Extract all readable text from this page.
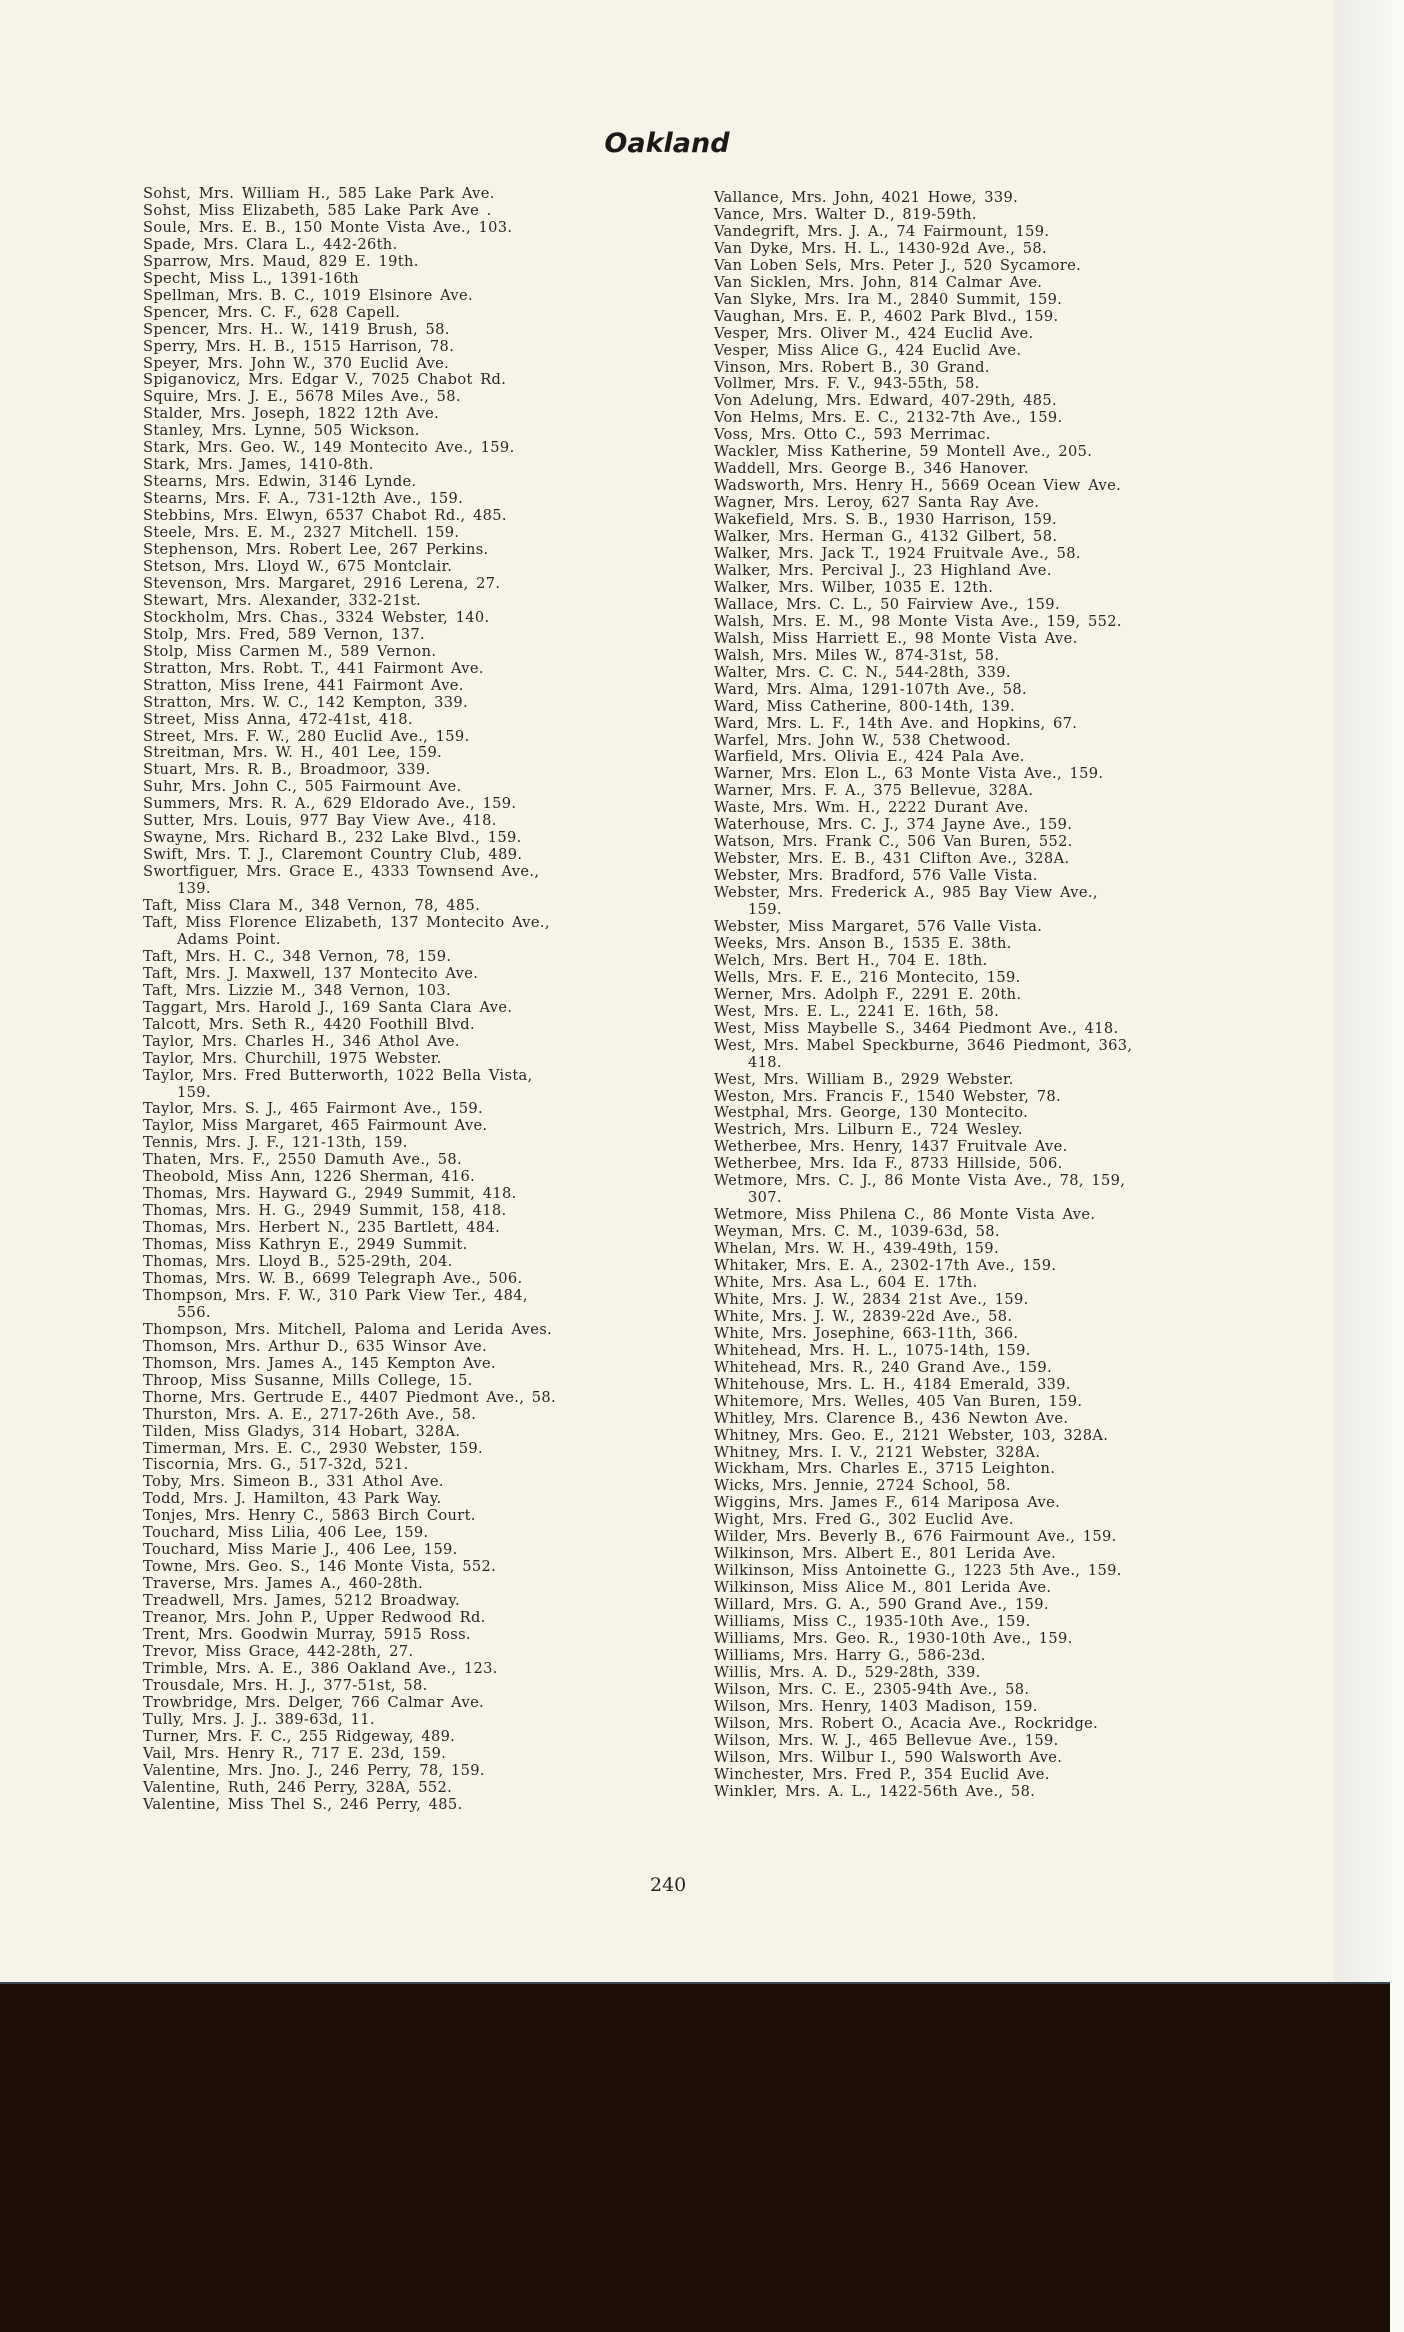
Oakland
Sohst, Mrs. William H., 585 Lake Park Ave.
Sohst, Miss Elizabeth, 585 Lake Park Ave .
Soule, Mrs. E. B., 150 Monte Vista Ave., 103.
Spade, Mrs. Clara L., 442-26th.
Sparrow, Mrs. Maud, 829 E. 19th.
Specht, Miss L., 1391-16th
Spellman, Mrs. B. C., 1019 Elsinore Ave.
Spencer, Mrs. C. F., 628 Capell.
Spencer, Mrs. H.. W., 1419 Brush, 58.
Sperry, Mrs. H. B., 1515 Harrison, 78.
Speyer, Mrs. John W., 370 Euclid Ave.
Spiganovicz, Mrs. Edgar V., 7025 Chabot Rd.
Squire, Mrs. J. E., 5678 Miles Ave., 58.
Stalder, Mrs. Joseph, 1822 12th Ave.
Stanley, Mrs. Lynne, 505 Wickson.
Stark, Mrs. Geo. W., 149 Montecito Ave., 159.
Stark, Mrs. James, 1410-8th.
Stearns, Mrs. Edwin, 3146 Lynde.
Stearns, Mrs. F. A., 731-12th Ave., 159.
Stebbins, Mrs. Elwyn, 6537 Chabot Rd., 485.
Steele, Mrs. E. M., 2327 Mitchell. 159.
Stephenson, Mrs. Robert Lee, 267 Perkins.
Stetson, Mrs. Lloyd W., 675 Montclair.
Stevenson, Mrs. Margaret, 2916 Lerena, 27.
Stewart, Mrs. Alexander, 332-21st.
Stockholm, Mrs. Chas., 3324 Webster, 140.
Stolp, Mrs. Fred, 589 Vernon, 137.
Stolp, Miss Carmen M., 589 Vernon.
Stratton, Mrs. Robt. T., 441 Fairmont Ave.
Stratton, Miss Irene, 441 Fairmont Ave.
Stratton, Mrs. W. C., 142 Kempton, 339.
Street, Miss Anna, 472-41st, 418.
Street, Mrs. F. W., 280 Euclid Ave., 159.
Streitman, Mrs. W. H., 401 Lee, 159.
Stuart, Mrs. R. B., Broadmoor, 339.
Suhr, Mrs. John C., 505 Fairmount Ave.
Summers, Mrs. R. A., 629 Eldorado Ave., 159.
Sutter, Mrs. Louis, 977 Bay View Ave., 418.
Swayne, Mrs. Richard B., 232 Lake Blvd., 159.
Swift, Mrs. T. J., Claremont Country Club, 489.
Swortfiguer, Mrs. Grace E., 4333 Townsend Ave.,
139.
Taft, Miss Clara M., 348 Vernon, 78, 485.
Taft, Miss Florence Elizabeth, 137 Montecito Ave.,
Adams Point.
Taft, Mrs. H. C., 348 Vernon, 78, 159.
Taft, Mrs. J. Maxwell, 137 Montecito Ave.
Taft, Mrs. Lizzie M., 348 Vernon, 103.
Taggart, Mrs. Harold J., 169 Santa Clara Ave.
Talcott, Mrs. Seth R., 4420 Foothill Blvd.
Taylor, Mrs. Charles H., 346 Athol Ave.
Taylor, Mrs. Churchill, 1975 Webster.
Taylor, Mrs. Fred Butterworth, 1022 Bella Vista,
159.
Taylor, Mrs. S. J., 465 Fairmont Ave., 159.
Taylor, Miss Margaret, 465 Fairmount Ave.
Tennis, Mrs. J. F., 121-13th, 159.
Thaten, Mrs. F., 2550 Damuth Ave., 58.
Theobold, Miss Ann, 1226 Sherman, 416.
Thomas, Mrs. Hayward G., 2949 Summit, 418.
Thomas, Mrs. H. G., 2949 Summit, 158, 418.
Thomas, Mrs. Herbert N., 235 Bartlett, 484.
Thomas, Miss Kathryn E., 2949 Summit.
Thomas, Mrs. Lloyd B., 525-29th, 204.
Thomas, Mrs. W. B., 6699 Telegraph Ave., 506.
Thompson, Mrs. F. W., 310 Park View Ter., 484,
556.
Thompson, Mrs. Mitchell, Paloma and Lerida Aves.
Thomson, Mrs. Arthur D., 635 Winsor Ave.
Thomson, Mrs. James A., 145 Kempton Ave.
Throop, Miss Susanne, Mills College, 15.
Thorne, Mrs. Gertrude E., 4407 Piedmont Ave., 58.
Thurston, Mrs. A. E., 2717-26th Ave., 58.
Tilden, Miss Gladys, 314 Hobart, 328A.
Timerman, Mrs. E. C., 2930 Webster, 159.
Tiscornia, Mrs. G., 517-32d, 521.
Toby, Mrs. Simeon B., 331 Athol Ave.
Todd, Mrs. J. Hamilton, 43 Park Way.
Tonjes, Mrs. Henry C., 5863 Birch Court.
Touchard, Miss Lilia, 406 Lee, 159.
Touchard, Miss Marie J., 406 Lee, 159.
Towne, Mrs. Geo. S., 146 Monte Vista, 552.
Traverse, Mrs. James A., 460-28th.
Treadwell, Mrs. James, 5212 Broadway.
Treanor, Mrs. John P., Upper Redwood Rd.
Trent, Mrs. Goodwin Murray, 5915 Ross.
Trevor, Miss Grace, 442-28th, 27.
Trimble, Mrs. A. E., 386 Oakland Ave., 123.
Trousdale, Mrs. H. J., 377-51st, 58.
Trowbridge, Mrs. Delger, 766 Calmar Ave.
Tully, Mrs. J. J.. 389-63d, 11.
Turner, Mrs. F. C., 255 Ridgeway, 489.
Vail, Mrs. Henry R., 717 E. 23d, 159.
Valentine, Mrs. Jno. J., 246 Perry, 78, 159.
Valentine, Ruth, 246 Perry, 328A, 552.
Valentine, Miss Thel S., 246 Perry, 485.
Vallance, Mrs. John, 4021 Howe, 339.
Vance, Mrs. Walter D., 819-59th.
Vandegrift, Mrs. J. A., 74 Fairmount, 159.
Van Dyke, Mrs. H. L., 1430-92d Ave., 58.
Van Loben Sels, Mrs. Peter J., 520 Sycamore.
Van Sicklen, Mrs. John, 814 Calmar Ave.
Van Slyke, Mrs. Ira M., 2840 Summit, 159.
Vaughan, Mrs. E. P., 4602 Park Blvd., 159.
Vesper, Mrs. Oliver M., 424 Euclid Ave.
Vesper, Miss Alice G., 424 Euclid Ave.
Vinson, Mrs. Robert B., 30 Grand.
Vollmer, Mrs. F. V., 943-55th, 58.
Von Adelung, Mrs. Edward, 407-29th, 485.
Von Helms, Mrs. E. C., 2132-7th Ave., 159.
Voss, Mrs. Otto C., 593 Merrimac.
Wackler, Miss Katherine, 59 Montell Ave., 205.
Waddell, Mrs. George B., 346 Hanover.
Wadsworth, Mrs. Henry H., 5669 Ocean View Ave.
Wagner, Mrs. Leroy, 627 Santa Ray Ave.
Wakefield, Mrs. S. B., 1930 Harrison, 159.
Walker, Mrs. Herman G., 4132 Gilbert, 58.
Walker, Mrs. Jack T., 1924 Fruitvale Ave., 58.
Walker, Mrs. Percival J., 23 Highland Ave.
Walker, Mrs. Wilber, 1035 E. 12th.
Wallace, Mrs. C. L., 50 Fairview Ave., 159.
Walsh, Mrs. E. M., 98 Monte Vista Ave., 159, 552.
Walsh, Miss Harriett E., 98 Monte Vista Ave.
Walsh, Mrs. Miles W., 874-31st, 58.
Walter, Mrs. C. C. N., 544-28th, 339.
Ward, Mrs. Alma, 1291-107th Ave., 58.
Ward, Miss Catherine, 800-14th, 139.
Ward, Mrs. L. F., 14th Ave. and Hopkins, 67.
Warfel, Mrs. John W., 538 Chetwood.
Warfield, Mrs. Olivia E., 424 Pala Ave.
Warner, Mrs. Elon L., 63 Monte Vista Ave., 159.
Warner, Mrs. F. A., 375 Bellevue, 328A.
Waste, Mrs. Wm. H., 2222 Durant Ave.
Waterhouse, Mrs. C. J., 374 Jayne Ave., 159.
Watson, Mrs. Frank C., 506 Van Buren, 552.
Webster, Mrs. E. B., 431 Clifton Ave., 328A.
Webster, Mrs. Bradford, 576 Valle Vista.
Webster, Mrs. Frederick A., 985 Bay View Ave.,
159.
Webster, Miss Margaret, 576 Valle Vista.
Weeks, Mrs. Anson B., 1535 E. 38th.
Welch, Mrs. Bert H., 704 E. 18th.
Wells, Mrs. F. E., 216 Montecito, 159.
Werner, Mrs. Adolph F., 2291 E. 20th.
West, Mrs. E. L., 2241 E. 16th, 58.
West, Miss Maybelle S., 3464 Piedmont Ave., 418.
West, Mrs. Mabel Speckburne, 3646 Piedmont, 363,
418.
West, Mrs. William B., 2929 Webster.
Weston, Mrs. Francis F., 1540 Webster, 78.
Westphal, Mrs. George, 130 Montecito.
Westrich, Mrs. Lilburn E., 724 Wesley.
Wetherbee, Mrs. Henry, 1437 Fruitvale Ave.
Wetherbee, Mrs. Ida F., 8733 Hillside, 506.
Wetmore, Mrs. C. J., 86 Monte Vista Ave., 78, 159,
307.
Wetmore, Miss Philena C., 86 Monte Vista Ave.
Weyman, Mrs. C. M., 1039-63d, 58.
Whelan, Mrs. W. H., 439-49th, 159.
Whitaker, Mrs. E. A., 2302-17th Ave., 159.
White, Mrs. Asa L., 604 E. 17th.
White, Mrs. J. W., 2834 21st Ave., 159.
White, Mrs. J. W., 2839-22d Ave., 58.
White, Mrs. Josephine, 663-11th, 366.
Whitehead, Mrs. H. L., 1075-14th, 159.
Whitehead, Mrs. R., 240 Grand Ave., 159.
Whitehouse, Mrs. L. H., 4184 Emerald, 339.
Whitemore, Mrs. Welles, 405 Van Buren, 159.
Whitley, Mrs. Clarence B., 436 Newton Ave.
Whitney, Mrs. Geo. E., 2121 Webster, 103, 328A.
Whitney, Mrs. I. V., 2121 Webster, 328A.
Wickham, Mrs. Charles E., 3715 Leighton.
Wicks, Mrs. Jennie, 2724 School, 58.
Wiggins, Mrs. James F., 614 Mariposa Ave.
Wight, Mrs. Fred G., 302 Euclid Ave.
Wilder, Mrs. Beverly B., 676 Fairmount Ave., 159.
Wilkinson, Mrs. Albert E., 801 Lerida Ave.
Wilkinson, Miss Antoinette G., 1223 5th Ave., 159.
Wilkinson, Miss Alice M., 801 Lerida Ave.
Willard, Mrs. G. A., 590 Grand Ave., 159.
Williams, Miss C., 1935-10th Ave., 159.
Williams, Mrs. Geo. R., 1930-10th Ave., 159.
Williams, Mrs. Harry G., 586-23d.
Willis, Mrs. A. D., 529-28th, 339.
Wilson, Mrs. C. E., 2305-94th Ave., 58.
Wilson, Mrs. Henry, 1403 Madison, 159.
Wilson, Mrs. Robert O., Acacia Ave., Rockridge.
Wilson, Mrs. W. J., 465 Bellevue Ave., 159.
Wilson, Mrs. Wilbur I., 590 Walsworth Ave.
Winchester, Mrs. Fred P., 354 Euclid Ave.
Winkler, Mrs. A. L., 1422-56th Ave., 58.
240
